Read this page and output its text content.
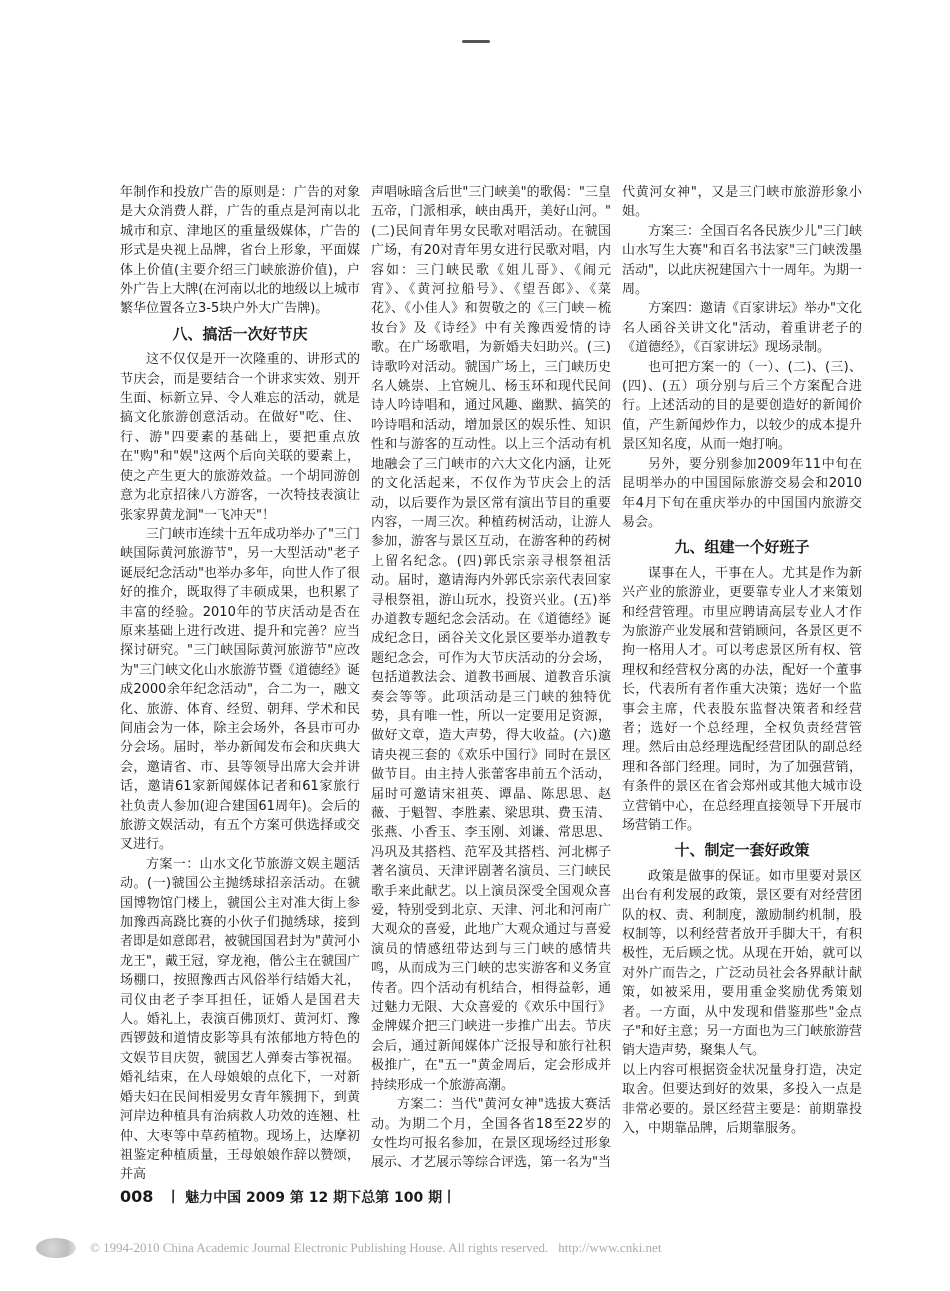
年制作和投放广告的原则是：广告的对象是大众消费人群，广告的重点是河南以北城市和京、津地区的重量级媒体，广告的形式是央视上品牌，省台上形象，平面媒体上价值(主要介绍三门峡旅游价值)，户外广告上大牌(在河南以北的地级以上城市繁华位置各立3-5块户外大广告牌)。

八、搞活一次好节庆

这不仅仅是开一次隆重的、讲形式的节庆会，而是要结合一个讲求实效、别开生面、标新立异、令人难忘的活动，就是搞文化旅游创意活动。在做好"吃、住、行、游"四要素的基础上，要把重点放在"购"和"娱"这两个后向关联的要素上，使之产生更大的旅游效益。一个胡同游创意为北京招徕八方游客，一次特技表演让张家界黄龙洞"一飞冲天"！

三门峡市连续十五年成功举办了"三门峡国际黄河旅游节"，另一大型活动"老子诞辰纪念活动"也举办多年，向世人作了很好的推介，既取得了丰硕成果，也积累了丰富的经验。2010年的节庆活动是否在原来基础上进行改进、提升和完善？应当探讨研究。"三门峡国际黄河旅游节"应改为"三门峡文化山水旅游节暨《道德经》诞成2000余年纪念活动"，合二为一，融文化、旅游、体育、经贸、朝拜、学术和民间庙会为一体，除主会场外，各县市可办分会场。届时，举办新闻发布会和庆典大会，邀请省、市、县等领导出席大会并讲话，邀请61家新闻媒体记者和61家旅行社负责人参加(迎合建国61周年)。会后的旅游文娱活动，有五个方案可供选择或交叉进行。

方案一：山水文化节旅游文娱主题活动。(一)虢国公主抛绣球招亲活动。在虢国博物馆门楼上，虢国公主对准大街上参加豫西高跷比赛的小伙子们抛绣球，接到者即是如意郎君，被虢国国君封为"黄河小龙王"，戴王冠，穿龙袍，偕公主在虢国广场棚口，按照豫西古风俗举行结婚大礼，司仪由老子李耳担任，证婚人是国君夫人。婚礼上，表演百佛顶灯、黄河灯、豫西锣鼓和道情皮影等具有浓郁地方特色的文娱节目庆贺，虢国艺人弹奏古筝祝福。婚礼结束，在人母娘娘的点化下，一对新婚夫妇在民间相爱男女青年簇拥下，到黄河岸边种植具有治病救人功效的连翘、杜仲、大枣等中草药植物。现场上，达摩初祖鉴定种植质量，王母娘娘作辞以赞颂，并高

声唱咏暗含后世"三门峡美"的歌偈："三皇五帝，门派相承，峡由禹开，美好山河。"(二)民间青年男女民歌对唱活动。在虢国广场，有20对青年男女进行民歌对唱，内容如：三门峡民歌《姐儿哥》、《闹元宵》、《黄河拉船号》、《望吾郎》、《菜花》、《小佳人》和贺敬之的《三门峡－梳妆台》及《诗经》中有关豫西爱情的诗歌。在广场歌唱，为新婚夫妇助兴。(三)诗歌吟对活动。虢国广场上，三门峡历史名人姚崇、上官婉儿、杨玉环和现代民间诗人吟诗唱和，通过风趣、幽默、搞笑的吟诗唱和活动，增加景区的娱乐性、知识性和与游客的互动性。以上三个活动有机地融会了三门峡市的六大文化内涵，让死的文化活起来，不仅作为节庆会上的活动，以后要作为景区常有演出节目的重要内容，一周三次。种植药树活动，让游人参加，游客与景区互动，在游客种的药树上留名纪念。(四)郭氏宗亲寻根祭祖活动。届时，邀请海内外郭氏宗亲代表回家寻根祭祖，游山玩水，投资兴业。(五)举办道教专题纪念会活动。在《道德经》诞成纪念日，函谷关文化景区要举办道教专题纪念会，可作为大节庆活动的分会场，包括道教法会、道教书画展、道教音乐演奏会等等。此项活动是三门峡的独特优势，具有唯一性，所以一定要用足资源，做好文章，造大声势，得大收益。(六)邀请央视三套的《欢乐中国行》同时在景区做节目。由主持人张蕾客串前五个活动，届时可邀请宋祖英、谭晶、陈思思、赵薇、于魁智、李胜素、梁思琪、费玉清、张燕、小香玉、李玉刚、刘谦、常思思、冯巩及其搭档、范军及其搭档、河北梆子著名演员、天津评剧著名演员、三门峡民歌手来此献艺。以上演员深受全国观众喜爱，特别受到北京、天津、河北和河南广大观众的喜爱，此地广大观众通过与喜爱演员的情感纽带达到与三门峡的感情共鸣，从而成为三门峡的忠实游客和义务宣传者。四个活动有机结合，相得益彰，通过魅力无限、大众喜爱的《欢乐中国行》金牌媒介把三门峡进一步推广出去。节庆会后，通过新闻媒体广泛报导和旅行社积极推广，在"五一"黄金周后，定会形成并持续形成一个旅游高潮。

方案二：当代"黄河女神"选拔大赛活动。为期二个月，全国各省18至22岁的女性均可报名参加，在景区现场经过形象展示、才艺展示等综合评选，第一名为"当

代黄河女神"，又是三门峡市旅游形象小姐。

方案三：全国百名各民族少儿"三门峡山水写生大赛"和百名书法家"三门峡泼墨活动"，以此庆祝建国六十一周年。为期一周。

方案四：邀请《百家讲坛》举办"文化名人函谷关讲文化"活动，着重讲老子的《道德经》，《百家讲坛》现场录制。

也可把方案一的（一）、(二)、(三)、(四)、(五）项分别与后三个方案配合进行。上述活动的目的是要创造好的新闻价值，产生新闻炒作力，以较少的成本提升景区知名度，从而一炮打响。

另外，要分别参加2009年11中旬在昆明举办的中国国际旅游交易会和2010年4月下旬在重庆举办的中国国内旅游交易会。

九、组建一个好班子

谋事在人，干事在人。尤其是作为新兴产业的旅游业，更要靠专业人才来策划和经营管理。市里应聘请高层专业人才作为旅游产业发展和营销顾问，各景区更不拘一格用人才。可以考虑景区所有权、管理权和经营权分离的办法，配好一个董事长，代表所有者作重大决策；选好一个监事会主席，代表股东监督决策者和经营者；选好一个总经理，全权负责经营管理。然后由总经理选配经营团队的副总经理和各部门经理。同时，为了加强营销，有条件的景区在省会郑州或其他大城市设立营销中心，在总经理直接领导下开展市场营销工作。

十、制定一套好政策

政策是做事的保证。如市里要对景区出台有利发展的政策，景区要有对经营团队的权、责、利制度，激励制约机制，股权制等，以利经营者放开手脚大干，有积极性，无后顾之忧。从现在开始，就可以对外广而告之，广泛动员社会各界献计献策，如被采用，要用重金奖励优秀策划者。一方面，从中发现和借鉴那些"金点子"和好主意；另一方面也为三门峡旅游营销大造声势，聚集人气。

以上内容可根据资金状况量身打造，决定取舍。但要达到好的效果，多投入一点是非常必要的。景区经营主要是：前期靠投入，中期靠品牌，后期靠服务。

008 丨 魅力中国 2009 第 12 期下总第 100 期丨
© 1994-2010 China Academic Journal Electronic Publishing House. All rights reserved. http://www.cnki.net
